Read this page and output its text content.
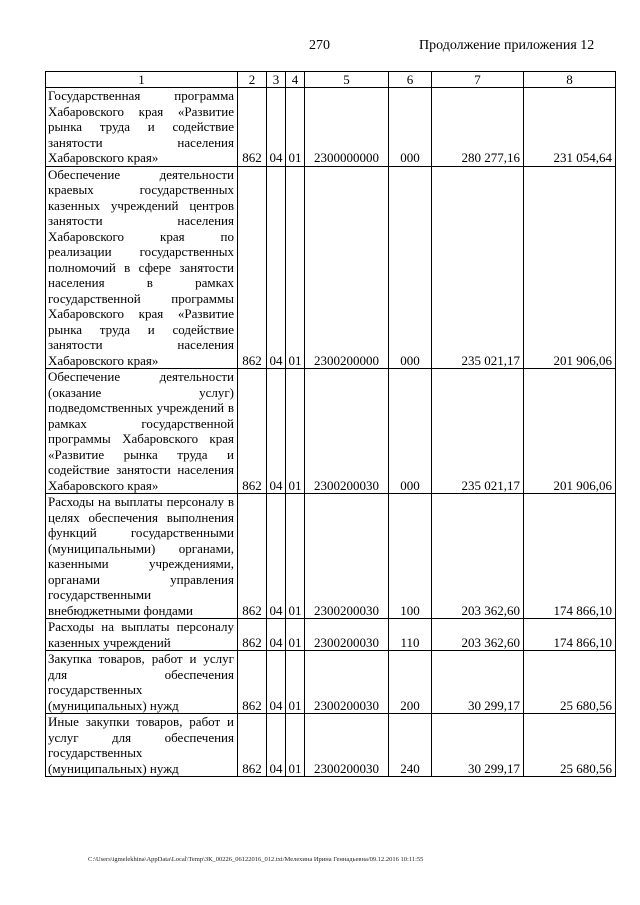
270	Продолжение приложения 12
1	2	3	4	5	6	7	8
Государственная программа Хабаровского края «Развитие рынка труда и содействие занятости населения Хабаровского края»	862	04	01	2300000000	000	280 277,16	231 054,64
Обеспечение деятельности краевых государственных казенных учреждений центров занятости населения Хабаровского края по реализации государственных полномочий в сфере занятости населения в рамках государственной программы Хабаровского края «Развитие рынка труда и содействие занятости населения Хабаровского края»	862	04	01	2300200000	000	235 021,17	201 906,06
Обеспечение деятельности (оказание услуг) подведомственных учреждений в рамках государственной программы Хабаровского края «Развитие рынка труда и содействие занятости населения Хабаровского края»	862	04	01	2300200030	000	235 021,17	201 906,06
Расходы на выплаты персоналу в целях обеспечения выполнения функций государственными (муниципальными) органами, казенными учреждениями, органами управления государственными внебюджетными фондами	862	04	01	2300200030	100	203 362,60	174 866,10
Расходы на выплаты персоналу казенных учреждений	862	04	01	2300200030	110	203 362,60	174 866,10
Закупка товаров, работ и услуг для обеспечения государственных (муниципальных) нужд	862	04	01	2300200030	200	30 299,17	25 680,56
Иные закупки товаров, работ и услуг для обеспечения государственных (муниципальных) нужд	862	04	01	2300200030	240	30 299,17	25 680,56
C:\Users\igmelekhina\AppData\Local\Temp\ЗК_00226_06122016_012.txt/Мелехина Ирина Геннадьевна/09.12.2016 10:11:55
